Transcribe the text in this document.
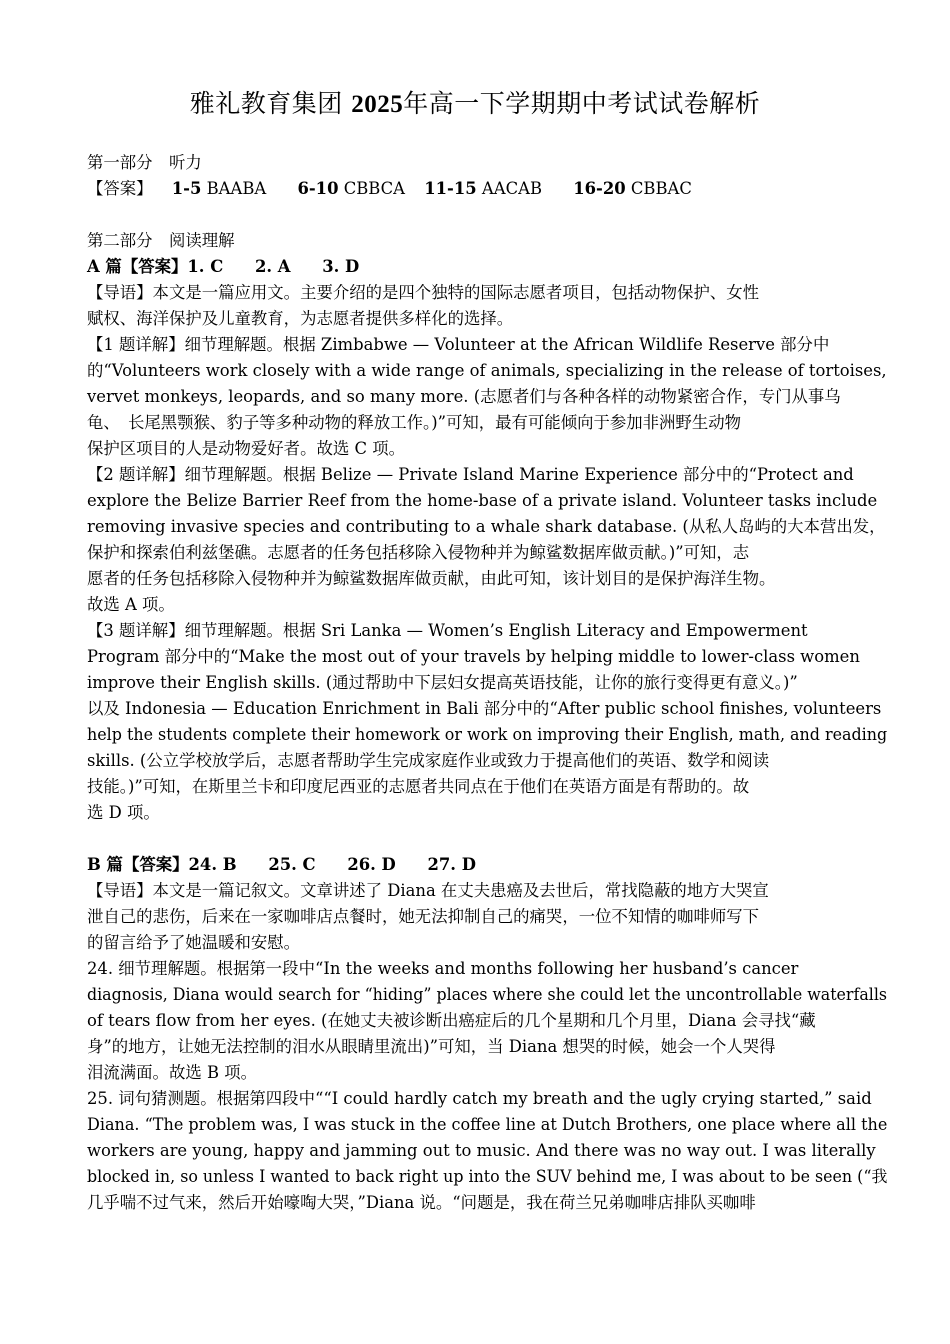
雅礼教育集团 2025年高一下学期期中考试试卷解析
第一部分　听力
【答案】 1-5 BAABA 6-10 CBBCA 11-15 AACAB 16-20 CBBAC
第二部分　阅读理解
A 篇【答案】1. C 2. A 3. D
【导语】本文是一篇应用文。主要介绍的是四个独特的国际志愿者项目，包括动物保护、女性
赋权、海洋保护及儿童教育，为志愿者提供多样化的选择。
【1 题详解】细节理解题。根据 Zimbabwe — Volunteer at the African Wildlife Reserve 部分中
的“Volunteers work closely with a wide range of animals, specializing in the release of tortoises,
vervet monkeys, leopards, and so many more. (志愿者们与各种各样的动物紧密合作，专门从事乌
龟、　长尾黑颚猴、豹子等多种动物的释放工作。)”可知，最有可能倾向于参加非洲野生动物
保护区项目的人是动物爱好者。故选 C 项。
【2 题详解】细节理解题。根据 Belize — Private Island Marine Experience 部分中的“Protect and
explore the Belize Barrier Reef from the home-base of a private island. Volunteer tasks include
removing invasive species and contributing to a whale shark database. (从私人岛屿的大本营出发，
保护和探索伯利兹堡礁。志愿者的任务包括移除入侵物种并为鲸鲨数据库做贡献。)”可知，志
愿者的任务包括移除入侵物种并为鲸鲨数据库做贡献，由此可知，该计划目的是保护海洋生物。
故选 A 项。
【3 题详解】细节理解题。根据 Sri Lanka — Women’s English Literacy and Empowerment
Program 部分中的“Make the most out of your travels by helping middle to lower-class women
improve their English skills. (通过帮助中下层妇女提高英语技能，让你的旅行变得更有意义。)”
以及 Indonesia — Education Enrichment in Bali 部分中的“After public school finishes, volunteers
help the students complete their homework or work on improving their English, math, and reading
skills. (公立学校放学后，志愿者帮助学生完成家庭作业或致力于提高他们的英语、数学和阅读
技能。)”可知，在斯里兰卡和印度尼西亚的志愿者共同点在于他们在英语方面是有帮助的。故
选 D 项。
B 篇【答案】24. B 25. C 26. D 27. D
【导语】本文是一篇记叙文。文章讲述了 Diana 在丈夫患癌及去世后，常找隐蔽的地方大哭宣
泄自己的悲伤，后来在一家咖啡店点餐时，她无法抑制自己的痛哭，一位不知情的咖啡师写下
的留言给予了她温暖和安慰。
24. 细节理解题。根据第一段中“In the weeks and months following her husband’s cancer
diagnosis, Diana would search for “hiding” places where she could let the uncontrollable waterfalls
of tears flow from her eyes. (在她丈夫被诊断出癌症后的几个星期和几个月里，Diana 会寻找“藏
身”的地方，让她无法控制的泪水从眼睛里流出)”可知，当 Diana 想哭的时候，她会一个人哭得
泪流满面。故选 B 项。
25. 词句猜测题。根据第四段中““I could hardly catch my breath and the ugly crying started,” said
Diana. “The problem was, I was stuck in the coffee line at Dutch Brothers, one place where all the
workers are young, happy and jamming out to music. And there was no way out. I was literally
blocked in, so unless I wanted to back right up into the SUV behind me, I was about to be seen (“我
几乎喘不过气来，然后开始嚎啕大哭，”Diana 说。“问题是，我在荷兰兄弟咖啡店排队买咖啡
